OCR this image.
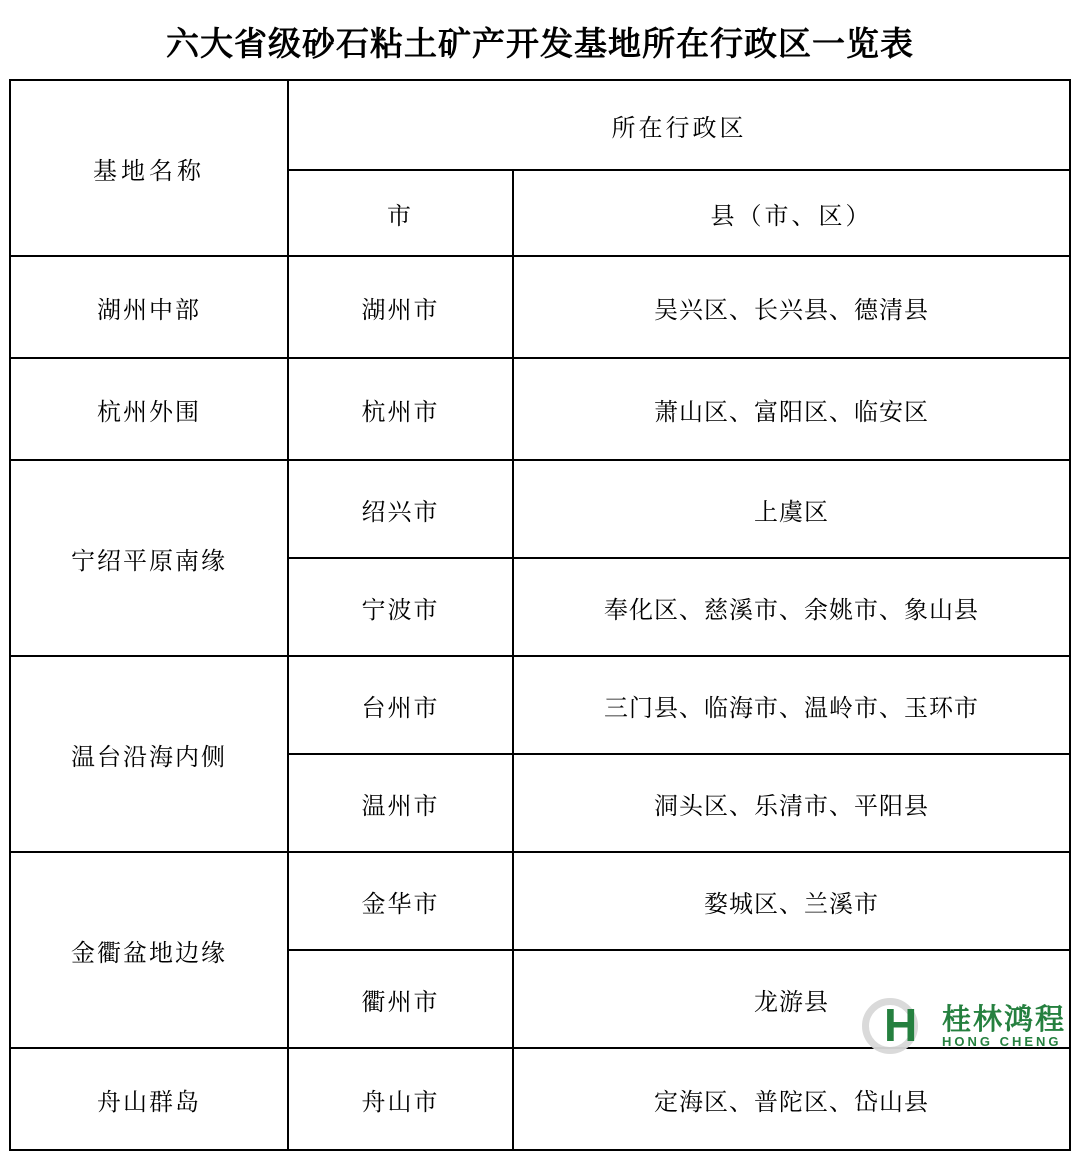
六大省级砂石粘土矿产开发基地所在行政区一览表
基地名称	所在行政区	
	市	县（市、区）
湖州中部	湖州市	吴兴区、长兴县、德清县
杭州外围	杭州市	萧山区、富阳区、临安区
宁绍平原南缘	绍兴市	上虞区
	宁波市	奉化区、慈溪市、余姚市、象山县
温台沿海内侧	台州市	三门县、临海市、温岭市、玉环市
	温州市	洞头区、乐清市、平阳县
金衢盆地边缘	金华市	婺城区、兰溪市
	衢州市	龙游县
舟山群岛	舟山市	定海区、普陀区、岱山县
H 桂林鸿程
HONG CHENG
